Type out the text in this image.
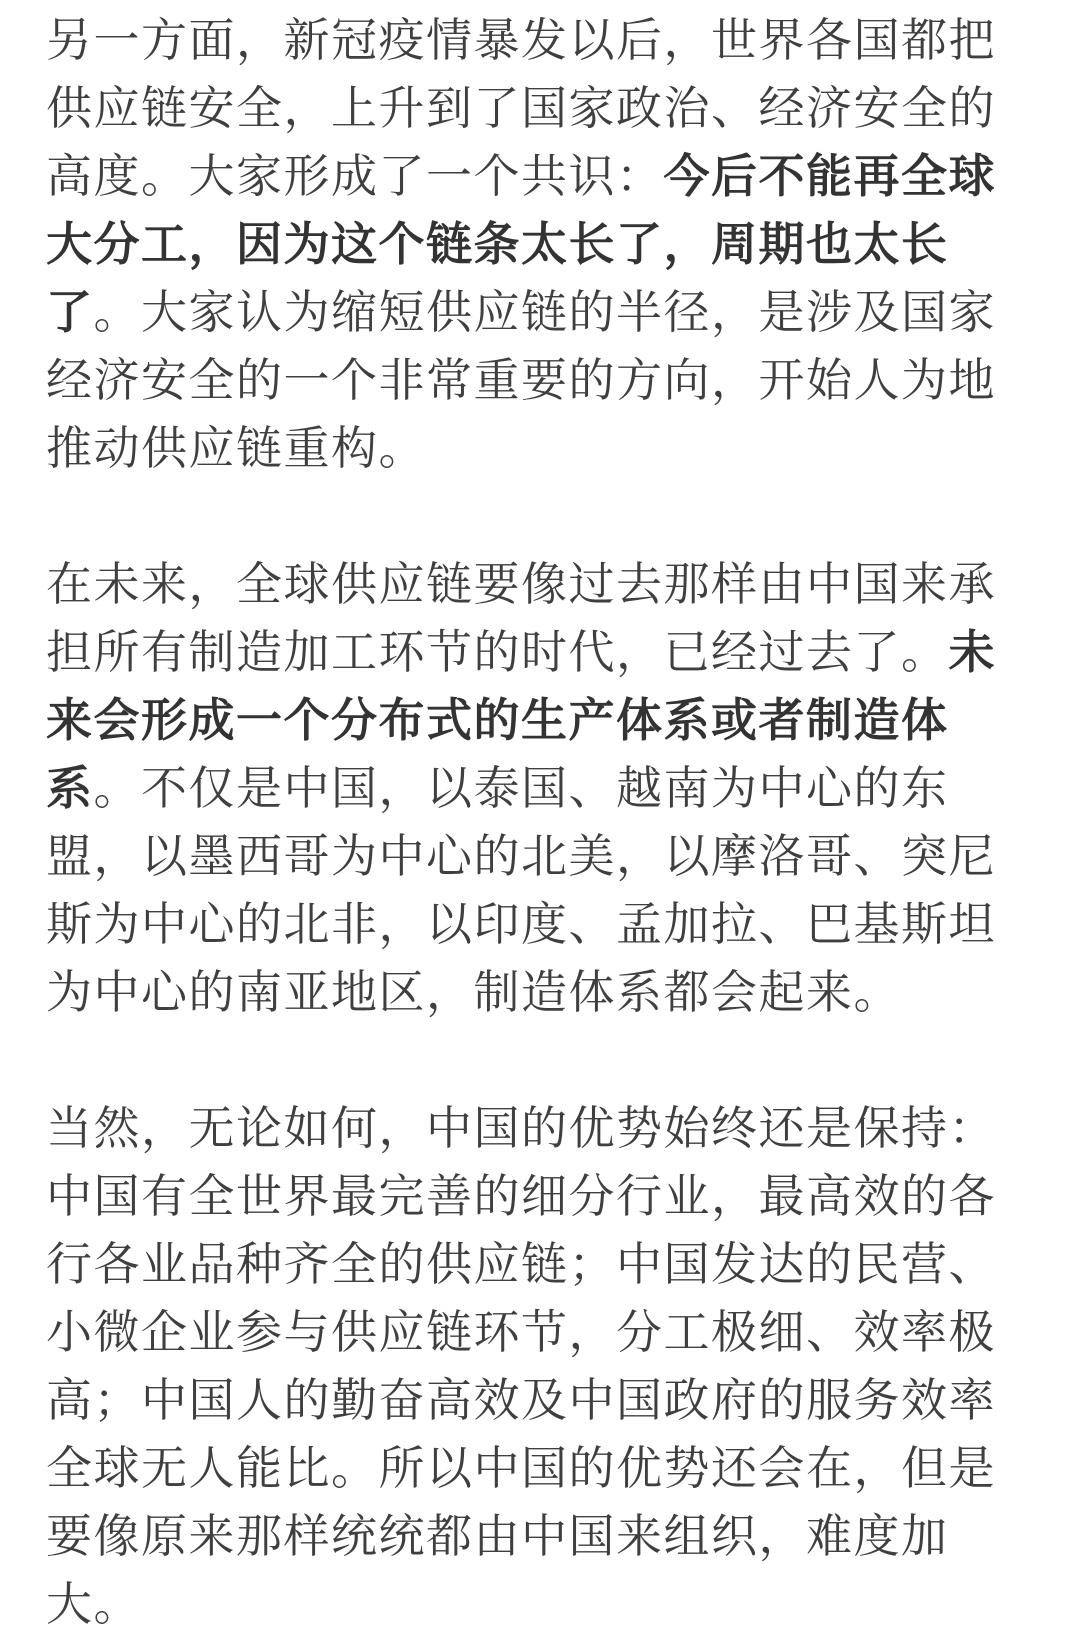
另一方面，新冠疫情暴发以后，世界各国都把供应链安全，上升到了国家政治、经济安全的高度。大家形成了一个共识：今后不能再全球大分工，因为这个链条太长了，周期也太长了。大家认为缩短供应链的半径，是涉及国家经济安全的一个非常重要的方向，开始人为地推动供应链重构。

在未来，全球供应链要像过去那样由中国来承担所有制造加工环节的时代，已经过去了。未来会形成一个分布式的生产体系或者制造体系。不仅是中国，以泰国、越南为中心的东盟，以墨西哥为中心的北美，以摩洛哥、突尼斯为中心的北非，以印度、孟加拉、巴基斯坦为中心的南亚地区，制造体系都会起来。

当然，无论如何，中国的优势始终还是保持：中国有全世界最完善的细分行业，最高效的各行各业品种齐全的供应链；中国发达的民营、小微企业参与供应链环节，分工极细、效率极高；中国人的勤奋高效及中国政府的服务效率全球无人能比。所以中国的优势还会在，但是要像原来那样统统都由中国来组织，难度加大。
